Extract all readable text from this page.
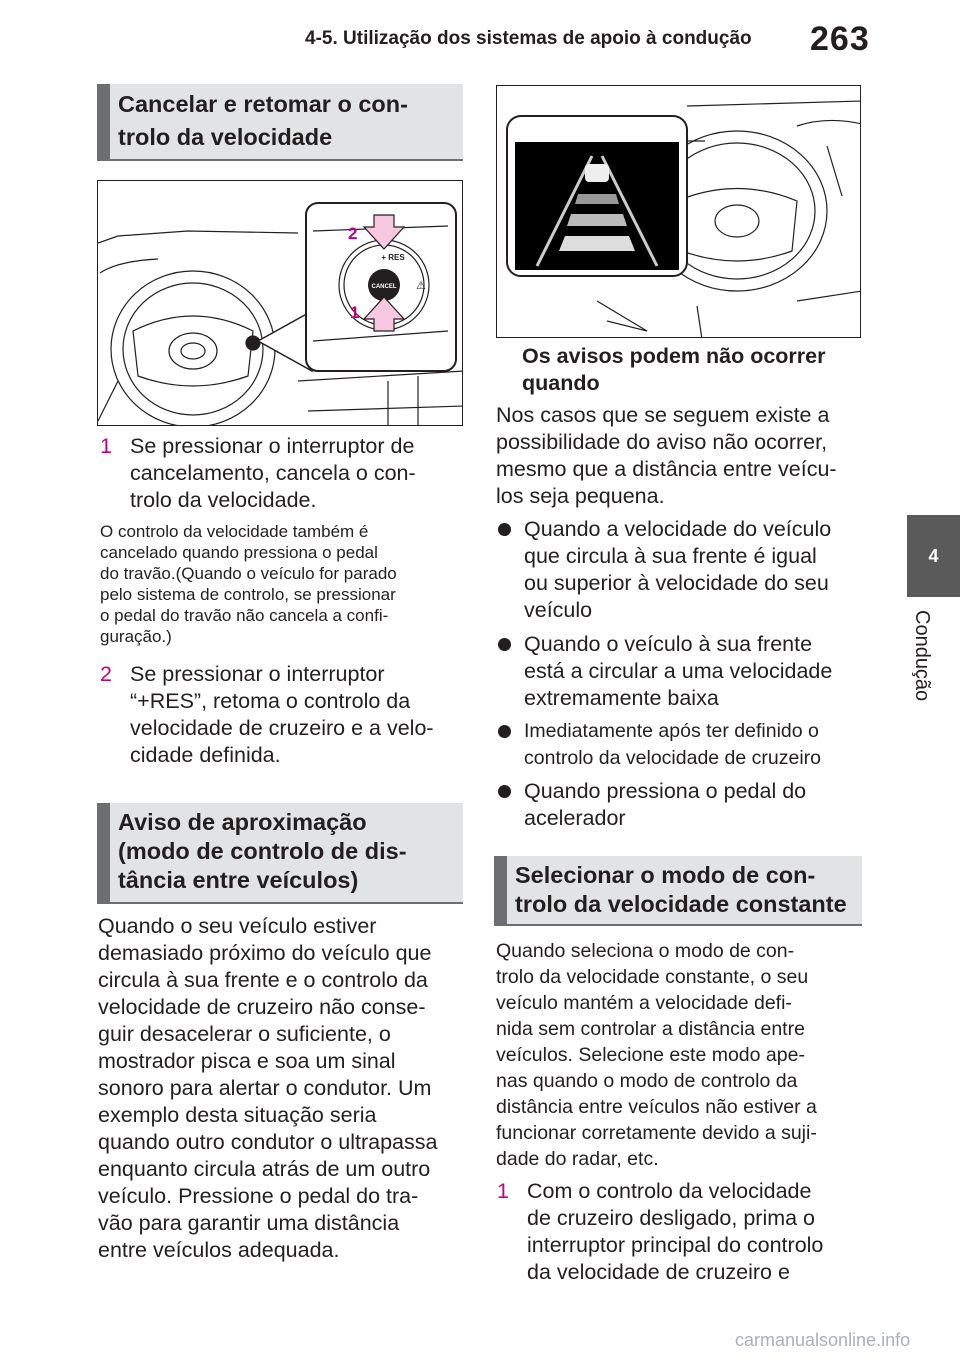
4-5. Utilização dos sistemas de apoio à condução 263
4
Condução
Cancelar e retomar o con-
trolo da velocidade
CANCEL
+ RES
⚠
2
1
1 Se pressionar o interruptor de
cancelamento, cancela o con-
trolo da velocidade.
O controlo da velocidade também é
cancelado quando pressiona o pedal
do travão.(Quando o veículo for parado
pelo sistema de controlo, se pressionar
o pedal do travão não cancela a confi-
guração.)
2 Se pressionar o interruptor
“+RES”, retoma o controlo da
velocidade de cruzeiro e a velo-
cidade definida.
Aviso de aproximação
(modo de controlo de dis-
tância entre veículos)
Quando o seu veículo estiver
demasiado próximo do veículo que
circula à sua frente e o controlo da
velocidade de cruzeiro não conse-
guir desacelerar o suficiente, o
mostrador pisca e soa um sinal
sonoro para alertar o condutor. Um
exemplo desta situação seria
quando outro condutor o ultrapassa
enquanto circula atrás de um outro
veículo. Pressione o pedal do tra-
vão para garantir uma distância
entre veículos adequada.
Os avisos podem não ocorrer
quando
Nos casos que se seguem existe a
possibilidade do aviso não ocorrer,
mesmo que a distância entre veícu-
los seja pequena.
Quando a velocidade do veículo
que circula à sua frente é igual
ou superior à velocidade do seu
veículo
Quando o veículo à sua frente
está a circular a uma velocidade
extremamente baixa
Imediatamente após ter definido o
controlo da velocidade de cruzeiro
Quando pressiona o pedal do
acelerador
Selecionar o modo de con-
trolo da velocidade constante
Quando seleciona o modo de con-
trolo da velocidade constante, o seu
veículo mantém a velocidade defi-
nida sem controlar a distância entre
veículos. Selecione este modo ape-
nas quando o modo de controlo da
distância entre veículos não estiver a
funcionar corretamente devido a suji-
dade do radar, etc.
1 Com o controlo da velocidade
de cruzeiro desligado, prima o
interruptor principal do controlo
da velocidade de cruzeiro e
carmanualsonline.info
